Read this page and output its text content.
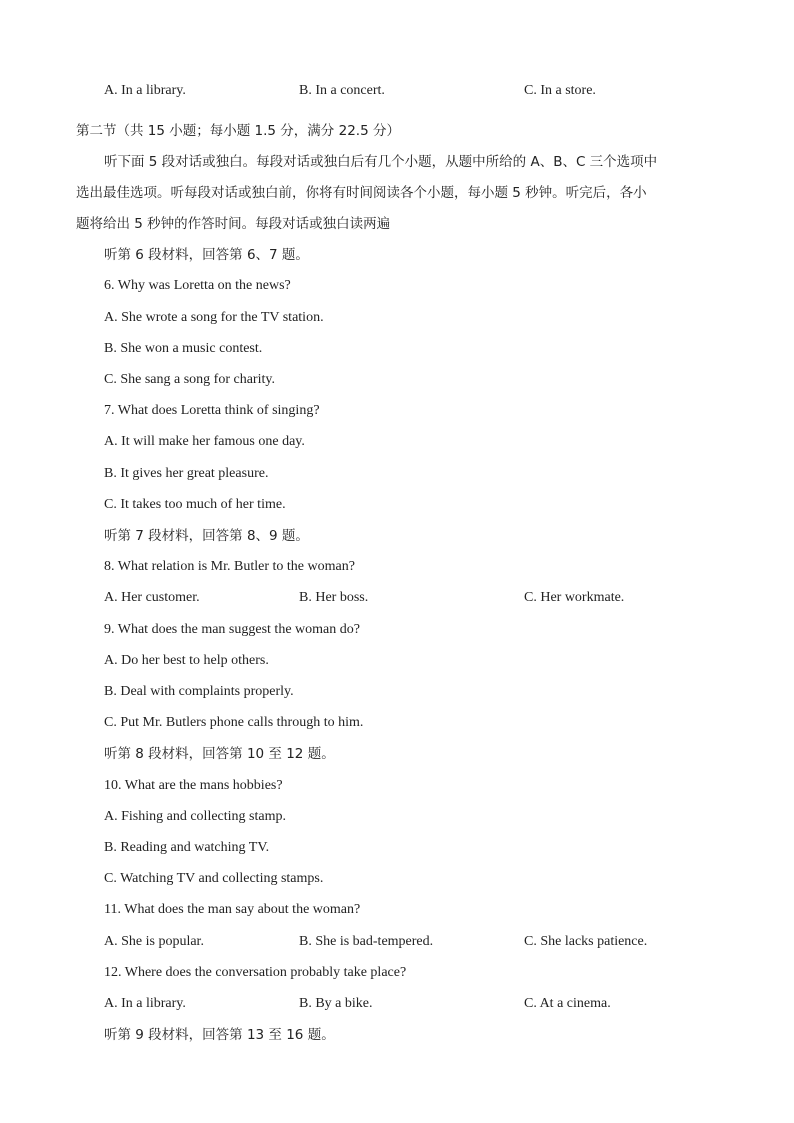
A. In a library.	B. In a concert.	C. In a store.
第二节（共 15 小题；每小题 1.5 分，满分 22.5 分）
听下面 5 段对话或独白。每段对话或独白后有几个小题，从题中所给的 A、B、C 三个选项中
选出最佳选项。听每段对话或独白前，你将有时间阅读各个小题，每小题 5 秒钟。听完后，各小
题将给出 5 秒钟的作答时间。每段对话或独白读两遍
听第 6 段材料，回答第 6、7 题。
6. Why was Loretta on the news?
A. She wrote a song for the TV station.
B. She won a music contest.
C. She sang a song for charity.
7. What does Loretta think of singing?
A. It will make her famous one day.
B. It gives her great pleasure.
C. It takes too much of her time.
听第 7 段材料，回答第 8、9 题。
8. What relation is Mr. Butler to the woman?
A. Her customer.	B. Her boss.	C. Her workmate.
9. What does the man suggest the woman do?
A. Do her best to help others.
B. Deal with complaints properly.
C. Put Mr. Butlers phone calls through to him.
听第 8 段材料，回答第 10 至 12 题。
10. What are the mans hobbies?
A. Fishing and collecting stamp.
B. Reading and watching TV.
C. Watching TV and collecting stamps.
11. What does the man say about the woman?
A. She is popular.	B. She is bad-tempered.	C. She lacks patience.
12. Where does the conversation probably take place?
A. In a library.	B. By a bike.	C. At a cinema.
听第 9 段材料，回答第 13 至 16 题。
